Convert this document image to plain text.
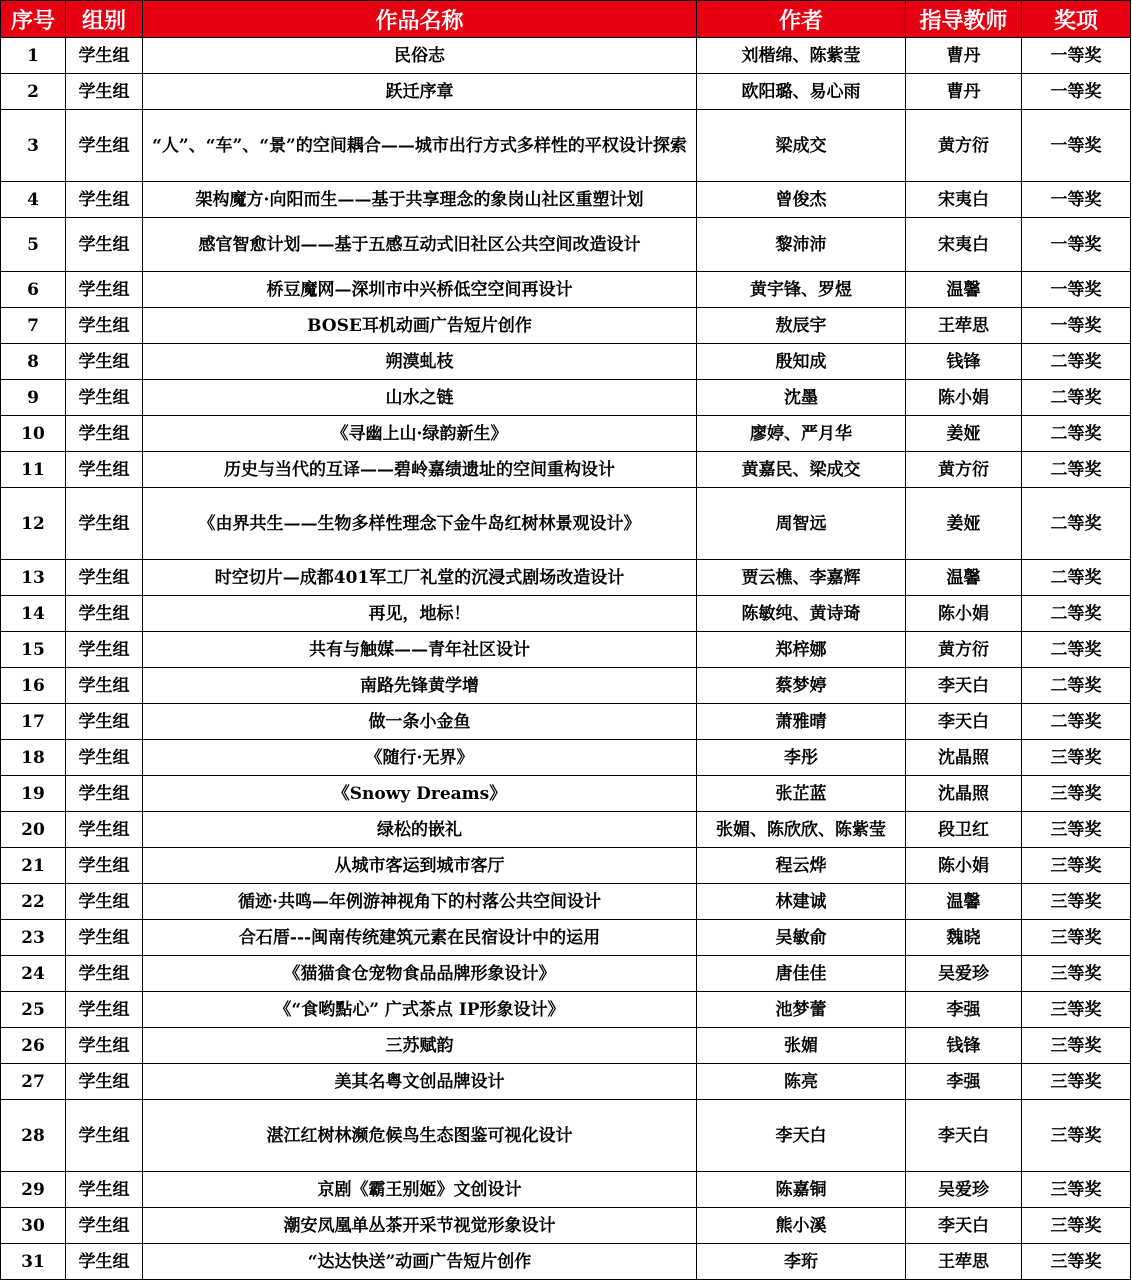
序号	组别	作品名称	作者	指导教师	奖项
1	学生组	民俗志	刘楷绵、陈紫莹	曹丹	一等奖
2	学生组	跃迁序章	欧阳璐、易心雨	曹丹	一等奖
3	学生组	“人”、“车”、“景”的空间耦合——城市出行方式多样性的平权设计探索	梁成交	黄方衍	一等奖
4	学生组	架构魔方·向阳而生——基于共享理念的象岗山社区重塑计划	曾俊杰	宋夷白	一等奖
5	学生组	感官智愈计划——基于五感互动式旧社区公共空间改造设计	黎沛沛	宋夷白	一等奖
6	学生组	桥豆魔网—深圳市中兴桥低空空间再设计	黄宇锋、罗煜	温馨	一等奖
7	学生组	BOSE耳机动画广告短片创作	敖辰宇	王荦思	一等奖
8	学生组	朔漠虬枝	殷知成	钱锋	二等奖
9	学生组	山水之链	沈墨	陈小娟	二等奖
10	学生组	《寻幽上山·绿韵新生》	廖婷、严月华	姜娅	二等奖
11	学生组	历史与当代的互译——碧岭嘉绩遗址的空间重构设计	黄嘉民、梁成交	黄方衍	二等奖
12	学生组	《由界共生——生物多样性理念下金牛岛红树林景观设计》	周智远	姜娅	二等奖
13	学生组	时空切片—成都401军工厂礼堂的沉浸式剧场改造设计	贾云樵、李嘉辉	温馨	二等奖
14	学生组	再见，地标！	陈敏纯、黄诗琦	陈小娟	二等奖
15	学生组	共有与触媒——青年社区设计	郑梓娜	黄方衍	二等奖
16	学生组	南路先锋黄学增	蔡梦婷	李天白	二等奖
17	学生组	做一条小金鱼	萧雅晴	李天白	二等奖
18	学生组	《随行·无界》	李彤	沈晶照	三等奖
19	学生组	《Snowy Dreams》	张芷蓝	沈晶照	三等奖
20	学生组	绿松的嵌礼	张媚、陈欣欣、陈紫莹	段卫红	三等奖
21	学生组	从城市客运到城市客厅	程云烨	陈小娟	三等奖
22	学生组	循迹·共鸣—年例游神视角下的村落公共空间设计	林建诚	温馨	三等奖
23	学生组	合石厝---闽南传统建筑元素在民宿设计中的运用	吴敏俞	魏晓	三等奖
24	学生组	《猫猫食仓宠物食品品牌形象设计》	唐佳佳	吴爱珍	三等奖
25	学生组	《“食哟點心” 广式茶点 IP形象设计》	池梦蕾	李强	三等奖
26	学生组	三苏赋韵	张媚	钱锋	三等奖
27	学生组	美其名粤文创品牌设计	陈亮	李强	三等奖
28	学生组	湛江红树林濒危候鸟生态图鉴可视化设计	李天白	李天白	三等奖
29	学生组	京剧《霸王别姬》文创设计	陈嘉铜	吴爱珍	三等奖
30	学生组	潮安凤凰单丛茶开采节视觉形象设计	熊小溪	李天白	三等奖
31	学生组	“达达快送”动画广告短片创作	李珩	王荦思	三等奖
